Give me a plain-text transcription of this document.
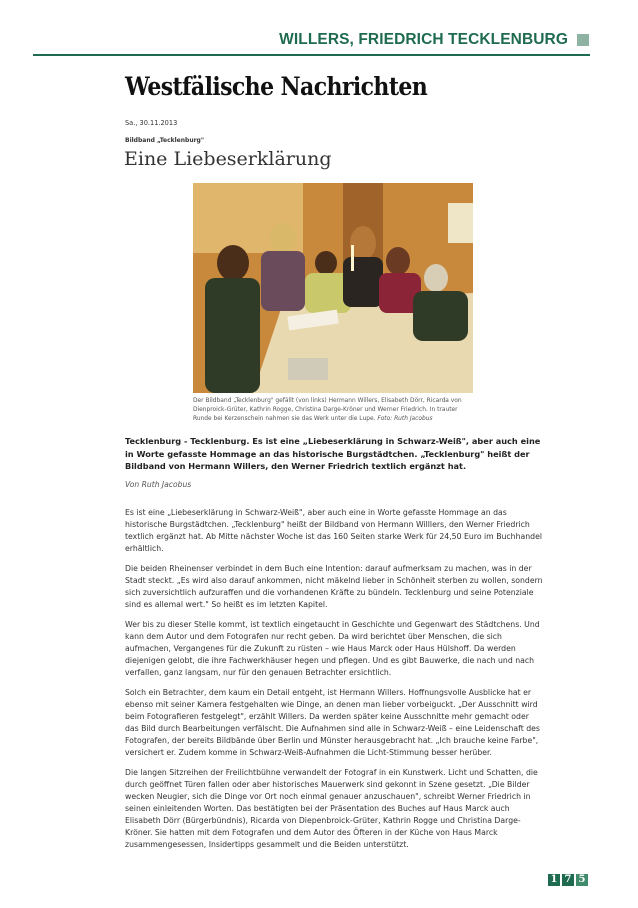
WILLERS, FRIEDRICH TECKLENBURG
Westfälische Nachrichten
Sa., 30.11.2013
Bildband „Tecklenburg"
Eine Liebeserklärung
Der Bildband „Tecklenburg" gefällt (von links) Hermann Willers, Elisabeth Dörr, Ricarda von Dienproick-Grüter, Kathrin Rogge, Christina Darge-Kröner und Werner Friedrich. In trauter Runde bei Kerzenschein nahmen sie das Werk unter die Lupe. Foto: Ruth Jacobus
Tecklenburg - Tecklenburg. Es ist eine „Liebeserklärung in Schwarz-Weiß", aber auch eine in Worte gefasste Hommage an das historische Burgstädtchen. „Tecklenburg" heißt der Bildband von Hermann Willers, den Werner Friedrich textlich ergänzt hat.
Von Ruth Jacobus

Es ist eine „Liebeserklärung in Schwarz-Weiß", aber auch eine in Worte gefasste Hommage an das historische Burgstädtchen. „Tecklenburg" heißt der Bildband von Hermann Willlers, den Werner Friedrich textlich ergänzt hat. Ab Mitte nächster Woche ist das 160 Seiten starke Werk für 24,50 Euro im Buchhandel erhältlich.

Die beiden Rheinenser verbindet in dem Buch eine Intention: darauf aufmerksam zu machen, was in der Stadt steckt. „Es wird also darauf ankommen, nicht mäkelnd lieber in Schönheit sterben zu wollen, sondern sich zuversichtlich aufzuraffen und die vorhandenen Kräfte zu bündeln. Tecklenburg und seine Potenziale sind es allemal wert." So heißt es im letzten Kapitel.

Wer bis zu dieser Stelle kommt, ist textlich eingetaucht in Geschichte und Gegenwart des Städtchens. Und kann dem Autor und dem Fotografen nur recht geben. Da wird berichtet über Menschen, die sich aufmachen, Vergangenes für die Zukunft zu rüsten – wie Haus Marck oder Haus Hülshoff. Da werden diejenigen gelobt, die ihre Fachwerkhäuser hegen und pflegen. Und es gibt Bauwerke, die nach und nach verfallen, ganz langsam, nur für den genauen Betrachter ersichtlich.

Solch ein Betrachter, dem kaum ein Detail entgeht, ist Hermann Willers. Hoffnungsvolle Ausblicke hat er ebenso mit seiner Kamera festgehalten wie Dinge, an denen man lieber vorbeiguckt. „Der Ausschnitt wird beim Fotografieren festgelegt", erzählt Willers. Da werden später keine Ausschnitte mehr gemacht oder das Bild durch Bearbeitungen verfälscht. Die Aufnahmen sind alle in Schwarz-Weiß – eine Leidenschaft des Fotografen, der bereits Bildbände über Berlin und Münster herausgebracht hat. „Ich brauche keine Farbe", versichert er. Zudem komme in Schwarz-Weiß-Aufnahmen die Licht-Stimmung besser herüber.

Die langen Sitzreihen der Freilichtbühne verwandelt der Fotograf in ein Kunstwerk. Licht und Schatten, die durch geöffnet Türen fallen oder aber historisches Mauerwerk sind gekonnt in Szene gesetzt. „Die Bilder wecken Neugier, sich die Dinge vor Ort noch einmal genauer anzuschauen", schreibt Werner Friedrich in seinen einleitenden Worten. Das bestätigten bei der Präsentation des Buches auf Haus Marck auch Elisabeth Dörr (Bürgerbündnis), Ricarda von Diepenbroick-Grüter, Kathrin Rogge und Christina Darge-Kröner. Sie hatten mit dem Fotografen und dem Autor des Öfteren in der Küche von Haus Marck zusammengesessen, Insidertipps gesammelt und die Beiden unterstützt.

1 7 5
